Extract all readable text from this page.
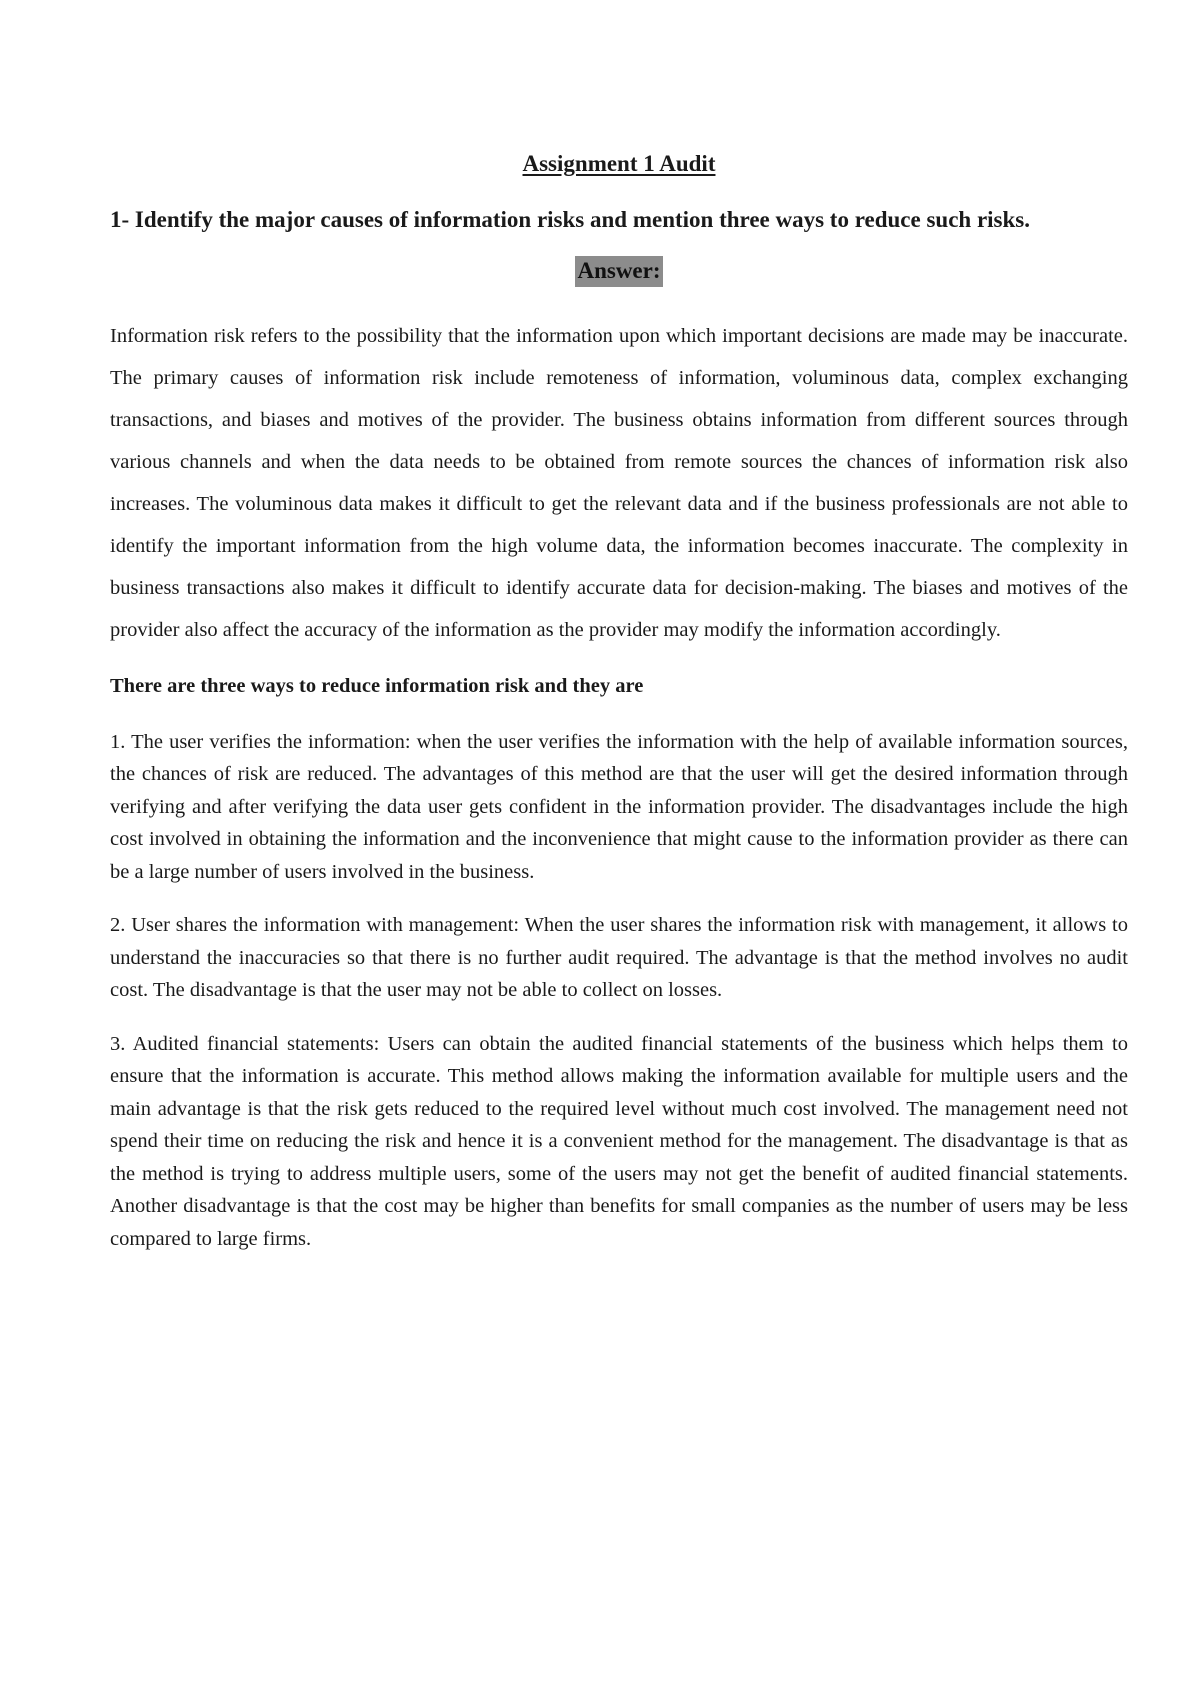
Assignment 1 Audit

1- Identify the major causes of information risks and mention three ways to reduce such risks.

Answer:

Information risk refers to the possibility that the information upon which important decisions are made may be inaccurate. The primary causes of information risk include remoteness of information, voluminous data, complex exchanging transactions, and biases and motives of the provider. The business obtains information from different sources through various channels and when the data needs to be obtained from remote sources the chances of information risk also increases. The voluminous data makes it difficult to get the relevant data and if the business professionals are not able to identify the important information from the high volume data, the information becomes inaccurate. The complexity in business transactions also makes it difficult to identify accurate data for decision-making. The biases and motives of the provider also affect the accuracy of the information as the provider may modify the information accordingly.

There are three ways to reduce information risk and they are

1. The user verifies the information: when the user verifies the information with the help of available information sources, the chances of risk are reduced. The advantages of this method are that the user will get the desired information through verifying and after verifying the data user gets confident in the information provider. The disadvantages include the high cost involved in obtaining the information and the inconvenience that might cause to the information provider as there can be a large number of users involved in the business.

2. User shares the information with management: When the user shares the information risk with management, it allows to understand the inaccuracies so that there is no further audit required. The advantage is that the method involves no audit cost. The disadvantage is that the user may not be able to collect on losses.

3. Audited financial statements: Users can obtain the audited financial statements of the business which helps them to ensure that the information is accurate. This method allows making the information available for multiple users and the main advantage is that the risk gets reduced to the required level without much cost involved. The management need not spend their time on reducing the risk and hence it is a convenient method for the management. The disadvantage is that as the method is trying to address multiple users, some of the users may not get the benefit of audited financial statements. Another disadvantage is that the cost may be higher than benefits for small companies as the number of users may be less compared to large firms.
